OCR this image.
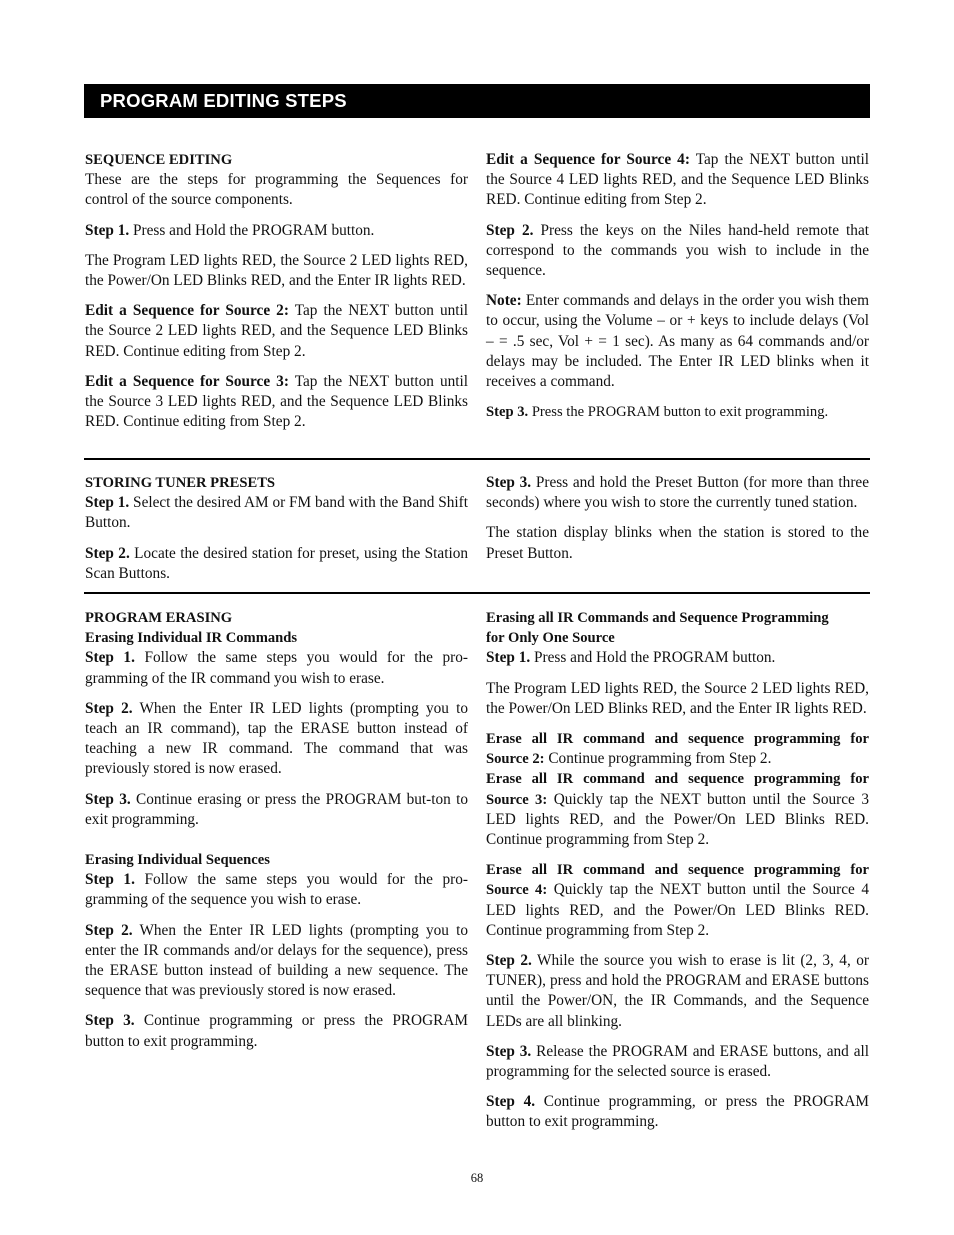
PROGRAM EDITING STEPS

SEQUENCE EDITING

These are the steps for programming the Sequences for control of the source components.

Step 1. Press and Hold the PROGRAM button.

The Program LED lights RED, the Source 2 LED lights RED, the Power/On LED Blinks RED, and the Enter IR lights RED.

Edit a Sequence for Source 2: Tap the NEXT button until the Source 2 LED lights RED, and the Sequence LED Blinks RED. Continue editing from Step 2.

Edit a Sequence for Source 3: Tap the NEXT button until the Source 3 LED lights RED, and the Sequence LED Blinks RED. Continue editing from Step 2.

Edit a Sequence for Source 4: Tap the NEXT button until the Source 4 LED lights RED, and the Sequence LED Blinks RED. Continue editing from Step 2.

Step 2. Press the keys on the Niles hand-held remote that correspond to the commands you wish to include in the sequence.

Note: Enter commands and delays in the order you wish them to occur, using the Volume – or + keys to include delays (Vol – = .5 sec, Vol + = 1 sec). As many as 64 commands and/or delays may be included. The Enter IR LED blinks when it receives a command.

Step 3. Press the PROGRAM button to exit programming.

STORING TUNER PRESETS

Step 1. Select the desired AM or FM band with the Band Shift Button.

Step 2. Locate the desired station for preset, using the Station Scan Buttons.

Step 3. Press and hold the Preset Button (for more than three seconds) where you wish to store the currently tuned station.

The station display blinks when the station is stored to the Preset Button.

PROGRAM ERASING

Erasing Individual IR Commands

Step 1. Follow the same steps you would for the pro-gramming of the IR command you wish to erase.

Step 2. When the Enter IR LED lights (prompting you to teach an IR command), tap the ERASE button instead of teaching a new IR command. The command that was previously stored is now erased.

Step 3. Continue erasing or press the PROGRAM but-ton to exit programming.

Erasing Individual Sequences

Step 1. Follow the same steps you would for the pro-gramming of the sequence you wish to erase.

Step 2. When the Enter IR LED lights (prompting you to enter the IR commands and/or delays for the sequence), press the ERASE button instead of building a new sequence. The sequence that was previously stored is now erased.

Step 3. Continue programming or press the PROGRAM button to exit programming.

Erasing all IR Commands and Sequence Programming
for Only One Source

Step 1. Press and Hold the PROGRAM button.

The Program LED lights RED, the Source 2 LED lights RED, the Power/On LED Blinks RED, and the Enter IR lights RED.

Erase all IR command and sequence programming for Source 2: Continue programming from Step 2.

Erase all IR command and sequence programming for Source 3: Quickly tap the NEXT button until the Source 3 LED lights RED, and the Power/On LED Blinks RED. Continue programming from Step 2.

Erase all IR command and sequence programming for Source 4: Quickly tap the NEXT button until the Source 4 LED lights RED, and the Power/On LED Blinks RED. Continue programming from Step 2.

Step 2. While the source you wish to erase is lit (2, 3, 4, or TUNER), press and hold the PROGRAM and ERASE buttons until the Power/ON, the IR Commands, and the Sequence LEDs are all blinking.

Step 3. Release the PROGRAM and ERASE buttons, and all programming for the selected source is erased.

Step 4. Continue programming, or press the PROGRAM button to exit programming.

68
